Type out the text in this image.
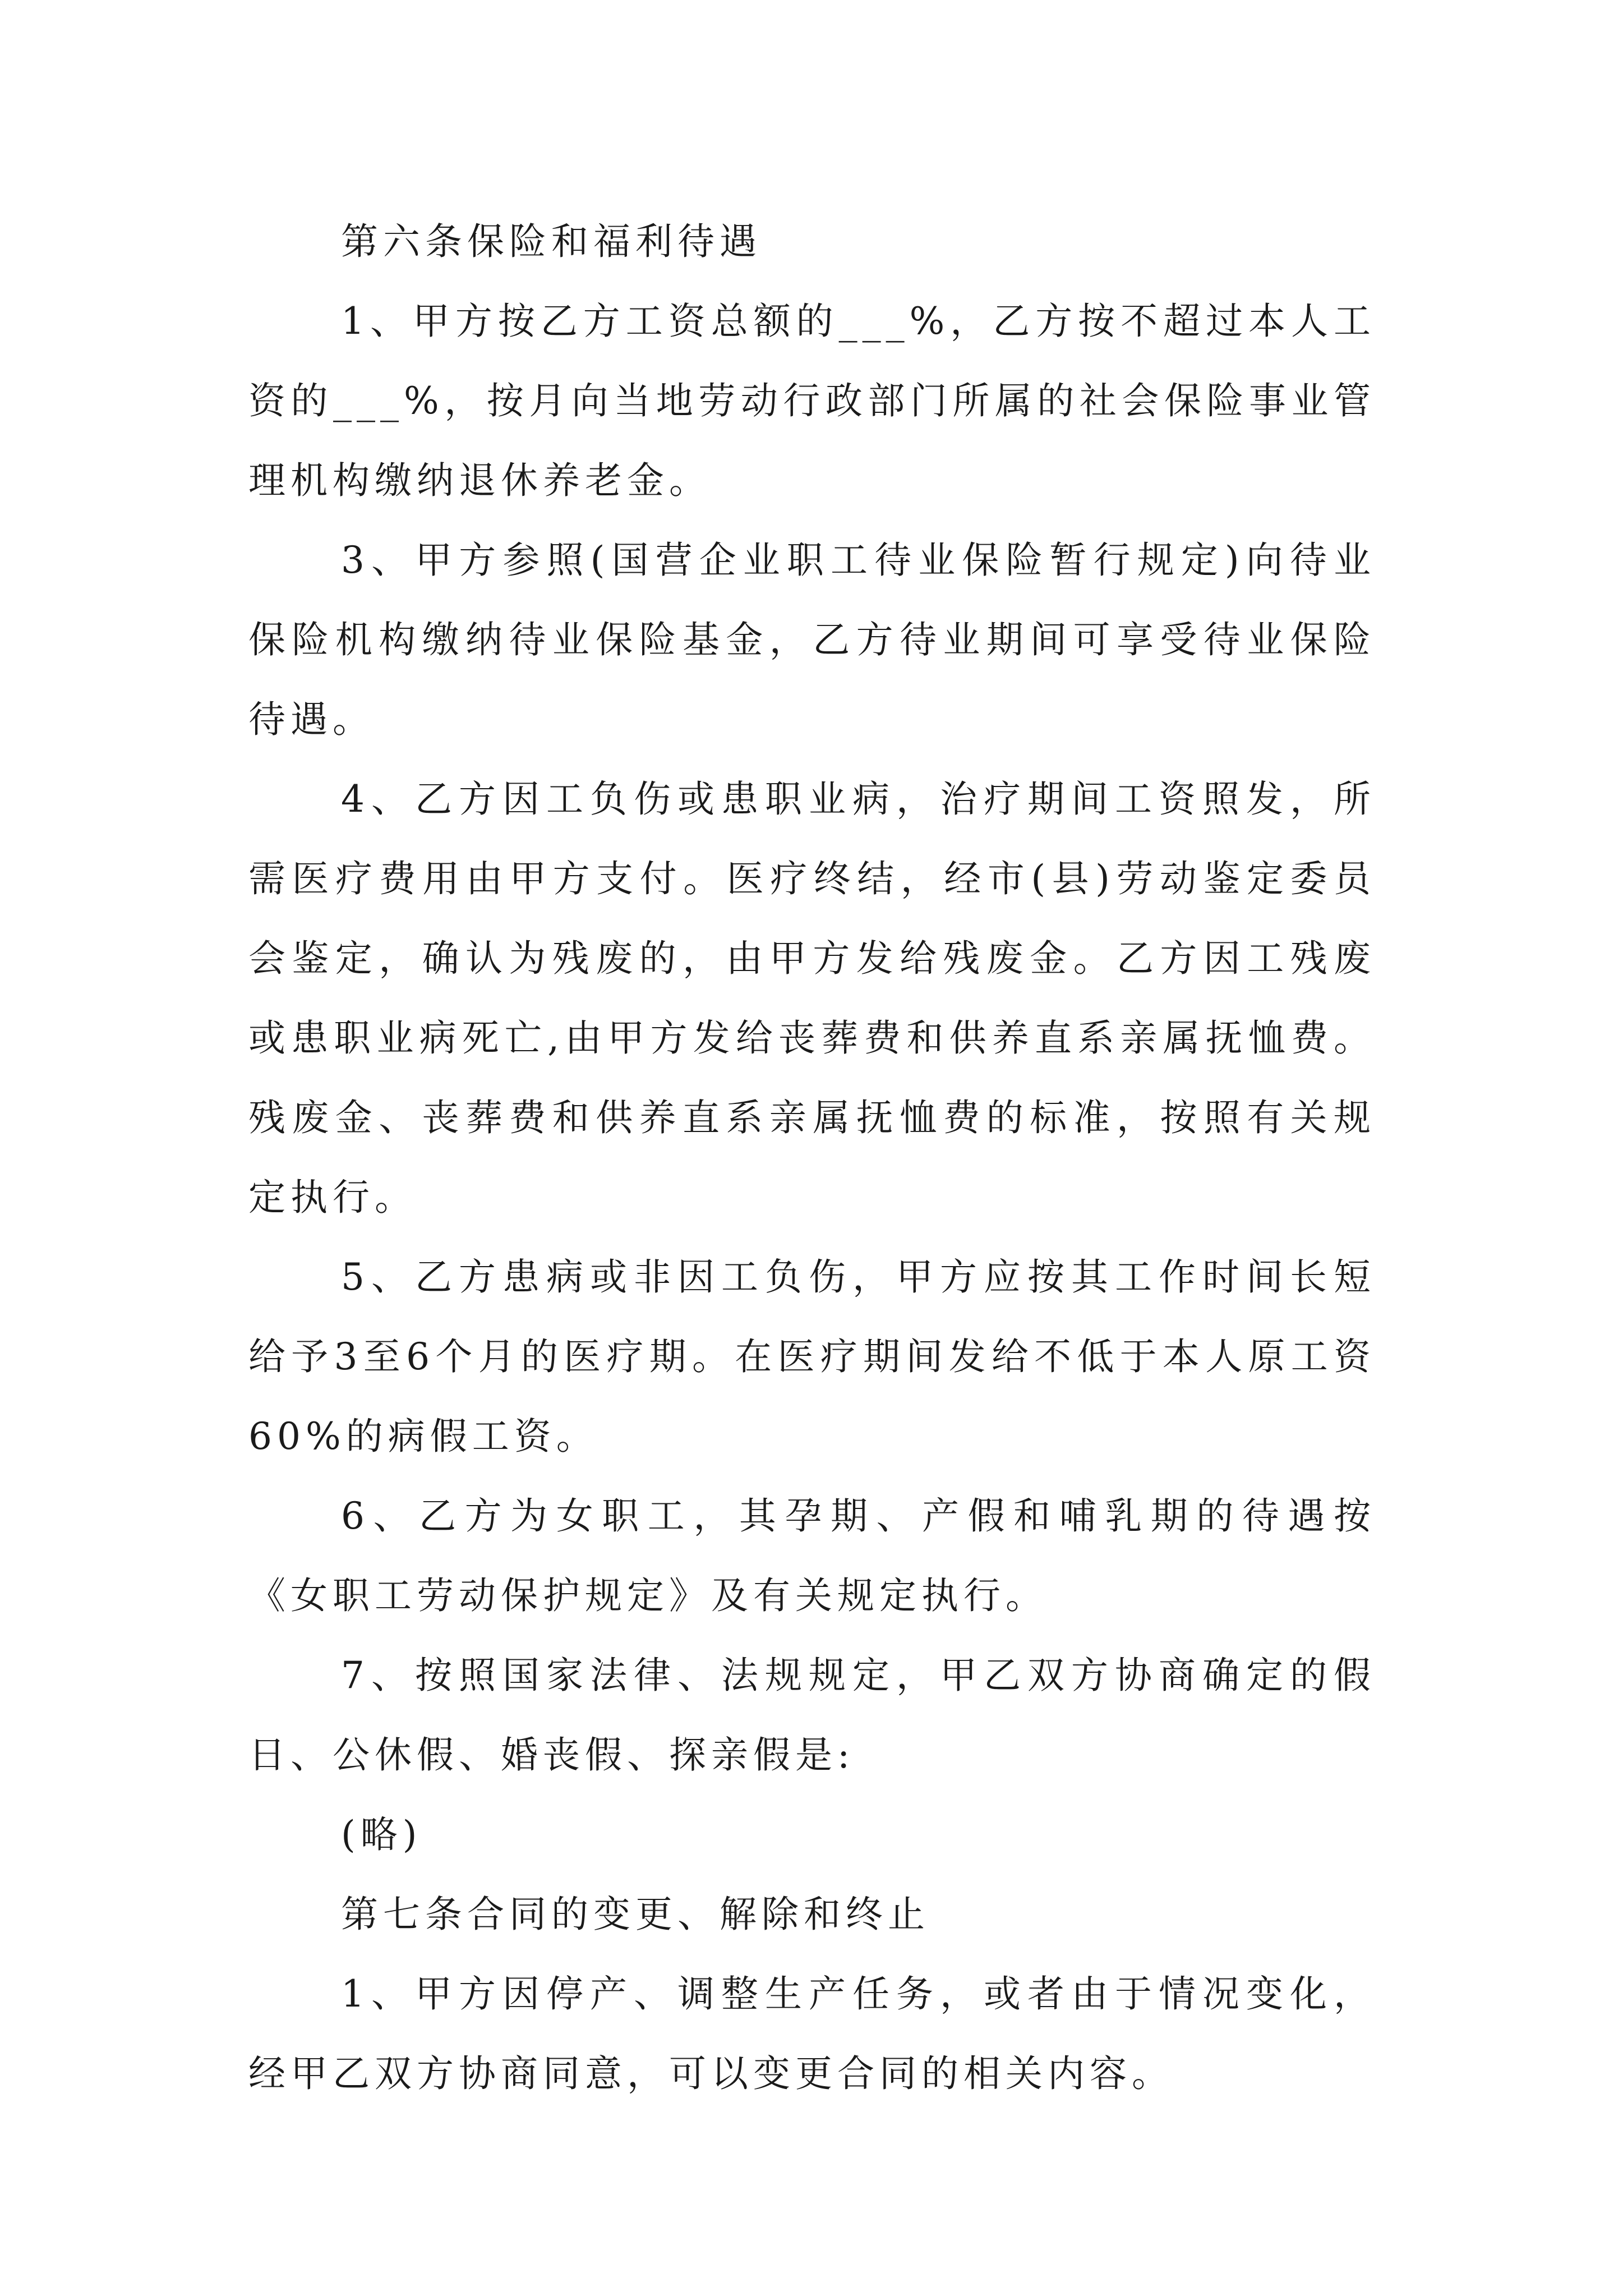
第六条保险和福利待遇

1、甲方按乙方工资总额的___%，乙方按不超过本人工资的___%，按月向当地劳动行政部门所属的社会保险事业管理机构缴纳退休养老金。

3、甲方参照(国营企业职工待业保险暂行规定)向待业保险机构缴纳待业保险基金，乙方待业期间可享受待业保险待遇。

4、乙方因工负伤或患职业病，治疗期间工资照发，所需医疗费用由甲方支付。医疗终结，经市(县)劳动鉴定委员会鉴定，确认为残废的，由甲方发给残废金。乙方因工残废或患职业病死亡,由甲方发给丧葬费和供养直系亲属抚恤费。残废金、丧葬费和供养直系亲属抚恤费的标准，按照有关规定执行。

5、乙方患病或非因工负伤，甲方应按其工作时间长短给予3至6个月的医疗期。在医疗期间发给不低于本人原工资60%的病假工资。

6、乙方为女职工，其孕期、产假和哺乳期的待遇按《女职工劳动保护规定》及有关规定执行。

7、按照国家法律、法规规定，甲乙双方协商确定的假日、公休假、婚丧假、探亲假是:

(略)

第七条合同的变更、解除和终止

1、甲方因停产、调整生产任务，或者由于情况变化，经甲乙双方协商同意，可以变更合同的相关内容。
